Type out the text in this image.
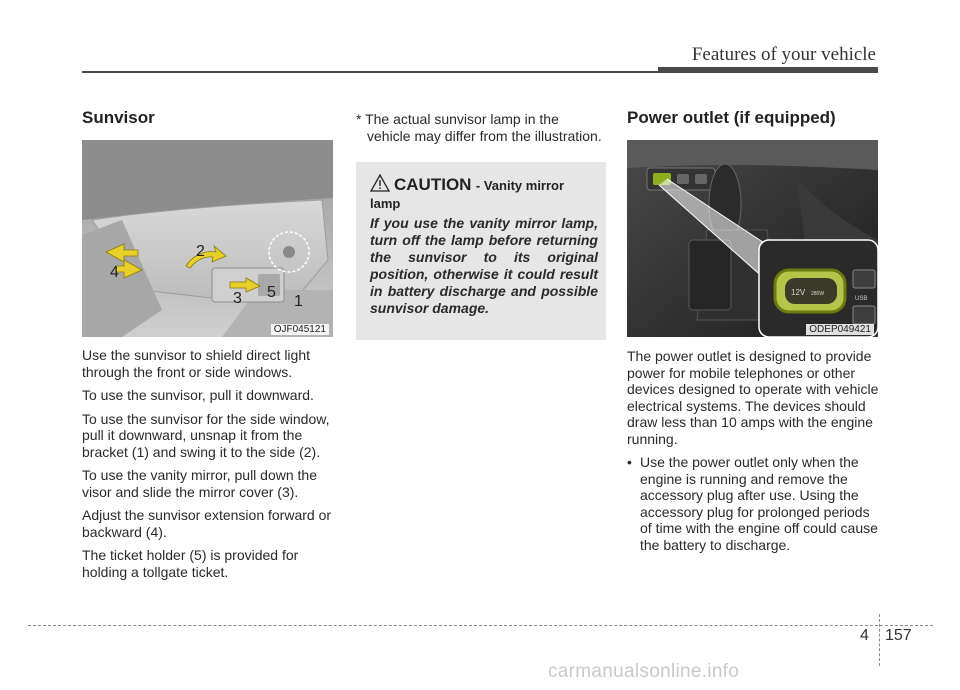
Features of your vehicle
Sunvisor
2
4
3 5
1
OJF045121

Use the sunvisor to shield direct light through the front or side windows.

To use the sunvisor, pull it downward.

To use the sunvisor for the side window, pull it downward, unsnap it from the bracket (1) and swing it to the side (2).

To use the vanity mirror, pull down the visor and slide the mirror cover (3).

Adjust the sunvisor extension forward or backward (4).

The ticket holder (5) is provided for holding a tollgate ticket.

* The actual sunvisor lamp in the vehicle may differ from the illustration.
CAUTION - Vanity mirror lamp
If you use the vanity mirror lamp, turn off the lamp before returning the sunvisor to its original position, otherwise it could result in battery discharge and possible sunvisor damage.
Power outlet (if equipped)
12V 280W
USB
ODEP049421

The power outlet is designed to provide power for mobile telephones or other devices designed to operate with vehicle electrical systems. The devices should draw less than 10 amps with the engine running.

• Use the power outlet only when the engine is running and remove the accessory plug after use. Using the accessory plug for prolonged periods of time with the engine off could cause the battery to discharge.
4 157
carmanualsonline.info
